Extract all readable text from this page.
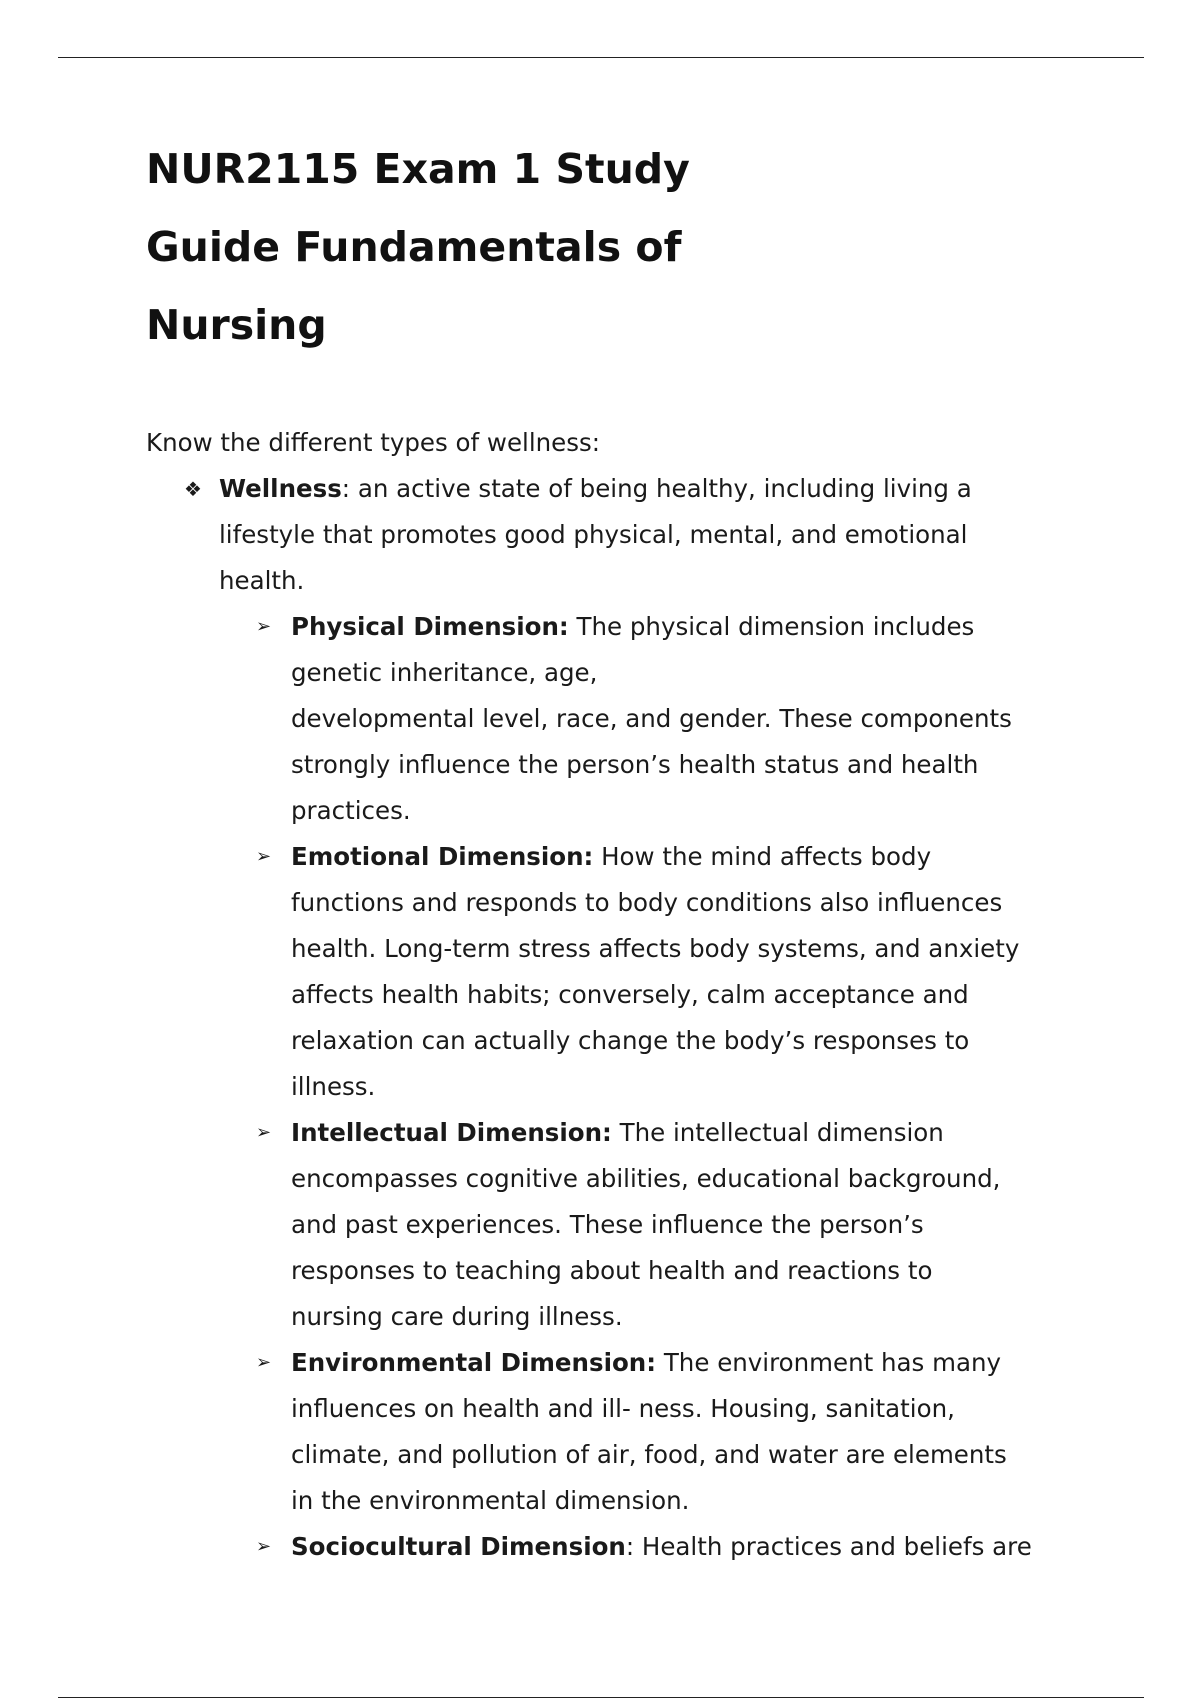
NUR2115 Exam 1 Study
Guide Fundamentals of
Nursing

Know the different types of wellness:

❖ Wellness: an active state of being healthy, including living a
lifestyle that promotes good physical, mental, and emotional
health.
➢ Physical Dimension: The physical dimension includes
genetic inheritance, age,
developmental level, race, and gender. These components
strongly influence the person’s health status and health
practices.
➢ Emotional Dimension: How the mind affects body
functions and responds to body conditions also influences
health. Long-term stress affects body systems, and anxiety
affects health habits; conversely, calm acceptance and
relaxation can actually change the body’s responses to
illness.
➢ Intellectual Dimension: The intellectual dimension
encompasses cognitive abilities, educational background,
and past experiences. These influence the person’s
responses to teaching about health and reactions to
nursing care during illness.
➢ Environmental Dimension: The environment has many
influences on health and ill- ness. Housing, sanitation,
climate, and pollution of air, food, and water are elements
in the environmental dimension.
➢ Sociocultural Dimension: Health practices and beliefs are
